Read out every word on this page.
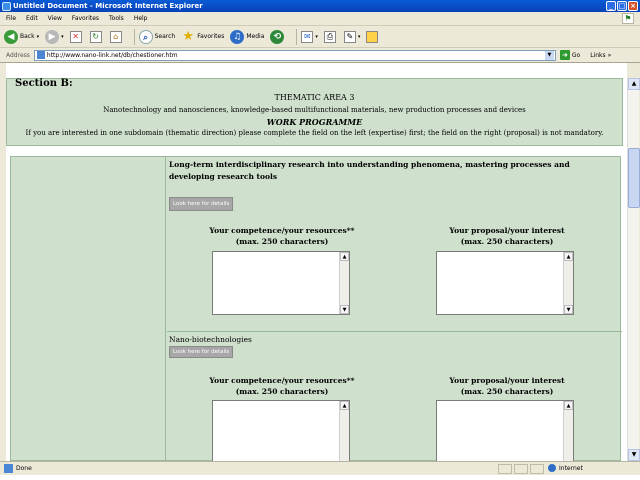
Untitled Document - Microsoft Internet Explorer	_ □ ×
File Edit View Favorites Tools Help	⚑
◀ Back ▾	▶	▾	✕	↻	⌂	⌕	Search ★ Favorites ♫ Media	⟲	✉ ▾	⎙	✎ ▾
Address	http://www.nano-link.net/db/chestioner.htm	▼	➜ Go Links »
Section B:
THEMATIC AREA 3
Nanotechnology and nanosciences, knowledge-based multifunctional materials, new production processes and devices
WORK PROGRAMME
If you are interested in one subdomain (thematic direction) please complete the field on the left (expertise) first; the field on the right (proposal) is not mandatory.
Long-term interdisciplinary research into understanding phenomena, mastering processes and developing research tools
Look here for details
Your competence/your resources**
(max. 250 characters)
Your proposal/your interest
(max. 250 characters)
▲
▼
▲
▼
Nano-biotechnologies
Look here for details
Your competence/your resources**
(max. 250 characters)
Your proposal/your interest
(max. 250 characters)
▲	▲
▲
▼
Done	Internet
